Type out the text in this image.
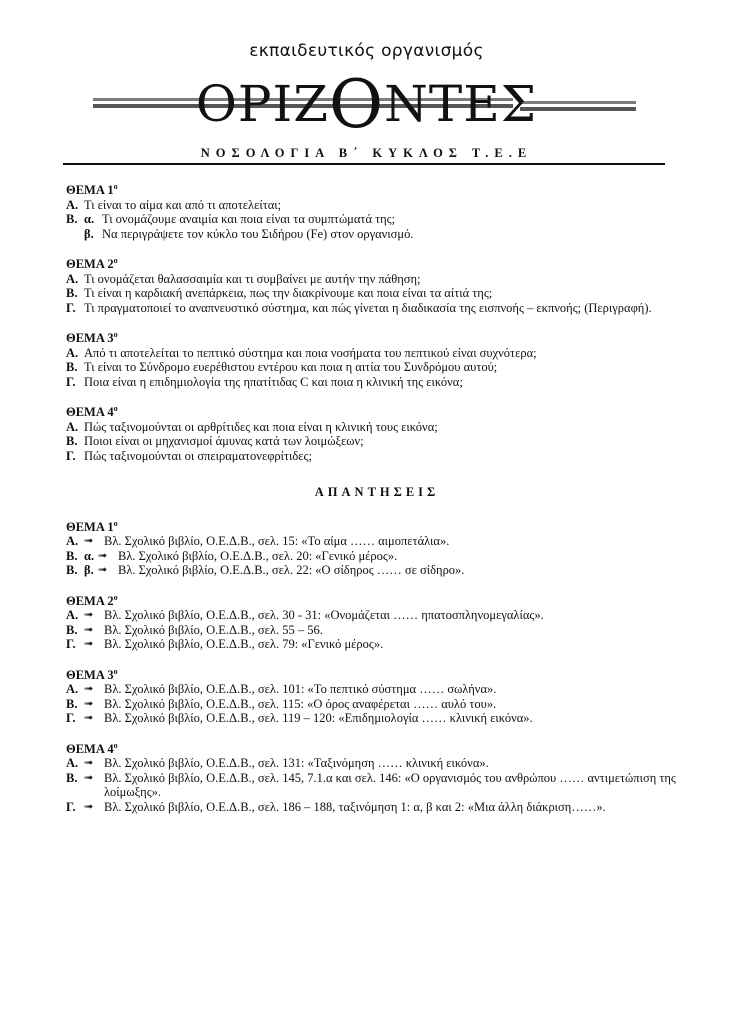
εκπαιδευτικός οργανισμός
ΟΡΙΖΟΝΤΕΣ
ΝΟΣΟΛΟΓΙΑ Β΄ ΚΥΚΛΟΣ Τ.Ε.Ε
ΘΕΜΑ $1^o$
Α. Τι είναι το αίμα και από τι αποτελείται;
Β. α. Τι ονομάζουμε αναιμία και ποια είναι τα συμπτώματά της;
β. Να περιγράψετε τον κύκλο του Σιδήρου (Fe) στον οργανισμό.
ΘΕΜΑ $2^o$
Α. Τι ονομάζεται θαλασσαιμία και τι συμβαίνει με αυτήν την πάθηση;
Β. Τι είναι η καρδιακή ανεπάρκεια, πως την διακρίνουμε και ποια είναι τα αίτιά της;
Γ. Τι πραγματοποιεί το αναπνευστικό σύστημα, και πώς γίνεται η διαδικασία της εισπνοής – εκπνοής; (Περιγραφή).
ΘΕΜΑ $3^o$
Α. Από τι αποτελείται το πεπτικό σύστημα και ποια νοσήματα του πεπτικού είναι συχνότερα;
Β. Τι είναι το Σύνδρομο ευερέθιστου εντέρου και ποια η αιτία του Συνδρόμου αυτού;
Γ. Ποια είναι η επιδημιολογία της ηπατίτιδας C και ποια η κλινική της εικόνα;
ΘΕΜΑ $4^o$
Α. Πώς ταξινομούνται οι αρθρίτιδες και ποια είναι η κλινική τους εικόνα;
Β. Ποιοι είναι οι μηχανισμοί άμυνας κατά των λοιμώξεων;
Γ. Πώς ταξινομούνται οι σπειραματονεφρίτιδες;
ΑΠΑΝΤΗΣΕΙΣ
ΘΕΜΑ $1^o$
Α. ➟ Βλ. Σχολικό βιβλίο, Ο.Ε.Δ.Β., σελ. 15: «Το αίμα …… αιμοπετάλια».
Β. α. ➟ Βλ. Σχολικό βιβλίο, Ο.Ε.Δ.Β., σελ. 20: «Γενικό μέρος».
Β. β. ➟ Βλ. Σχολικό βιβλίο, Ο.Ε.Δ.Β., σελ. 22: «Ο σίδηρος …… σε σίδηρο».
ΘΕΜΑ $2^o$
Α. ➟ Βλ. Σχολικό βιβλίο, Ο.Ε.Δ.Β., σελ. 30 - 31: «Ονομάζεται …… ηπατοσπληνομεγαλίας».
Β. ➟ Βλ. Σχολικό βιβλίο, Ο.Ε.Δ.Β., σελ. 55 – 56.
Γ. ➟ Βλ. Σχολικό βιβλίο, Ο.Ε.Δ.Β., σελ. 79: «Γενικό μέρος».
ΘΕΜΑ $3^o$
Α. ➟ Βλ. Σχολικό βιβλίο, Ο.Ε.Δ.Β., σελ. 101: «Το πεπτικό σύστημα …… σωλήνα».
Β. ➟ Βλ. Σχολικό βιβλίο, Ο.Ε.Δ.Β., σελ. 115: «Ο όρος αναφέρεται …… αυλό του».
Γ. ➟ Βλ. Σχολικό βιβλίο, Ο.Ε.Δ.Β., σελ. 119 – 120: «Επιδημιολογία …… κλινική εικόνα».
ΘΕΜΑ $4^o$
Α. ➟ Βλ. Σχολικό βιβλίο, Ο.Ε.Δ.Β., σελ. 131: «Ταξινόμηση …… κλινική εικόνα».
Β. ➟ Βλ. Σχολικό βιβλίο, Ο.Ε.Δ.Β., σελ. 145, 7.1.α και σελ. 146: «Ο οργανισμός του ανθρώπου …… αντιμετώπιση της λοίμωξης».
Γ. ➟ Βλ. Σχολικό βιβλίο, Ο.Ε.Δ.Β., σελ. 186 – 188, ταξινόμηση 1: α, β και 2: «Μια άλλη διάκριση……».
